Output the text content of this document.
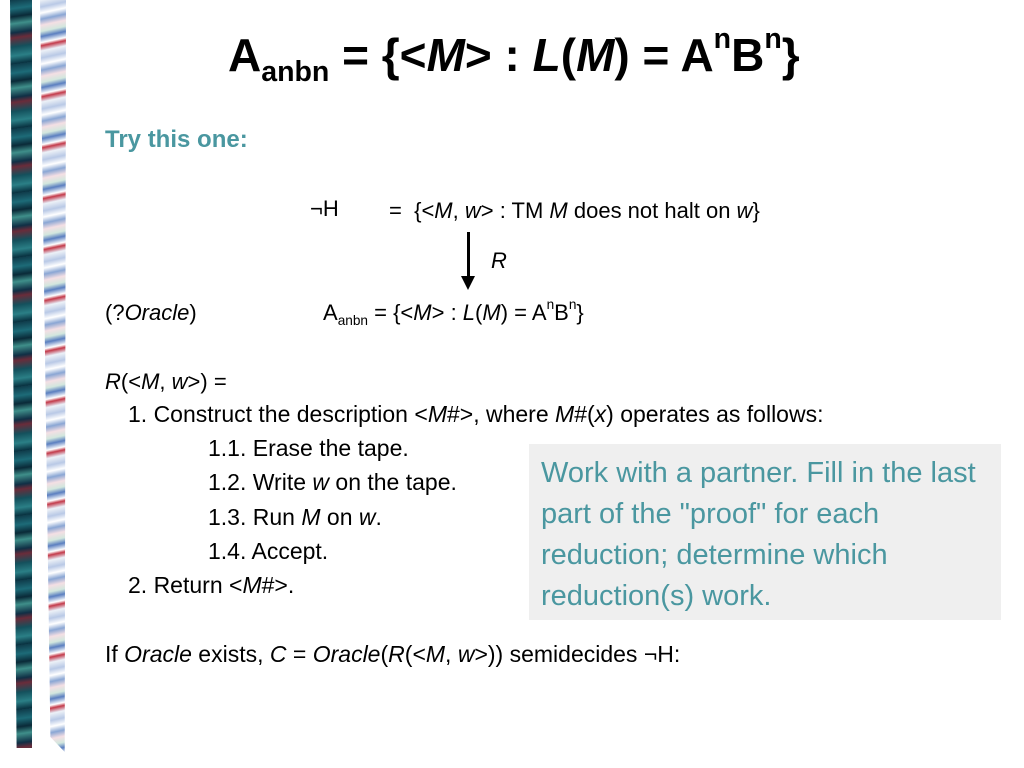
$A_{anbn} = \{<M>$ : $L(M) = A^nB^n$}
Try this one:
¬H = {<M, w> : TM M does not halt on w}
R
(?Oracle)	$A_{anbn} = \{<M>$ : $L(M) = A^nB^n$}
R(<M, w>) =
1. Construct the description <M#>, where M#(x) operates as follows:
1.1. Erase the tape.
1.2. Write w on the tape.
1.3. Run M on w.
1.4. Accept.
2. Return <M#>.
If Oracle exists, C = Oracle(R(<M, w>)) semidecides ¬H:
Work with a partner. Fill in the last part of the "proof" for each reduction; determine which reduction(s) work.
